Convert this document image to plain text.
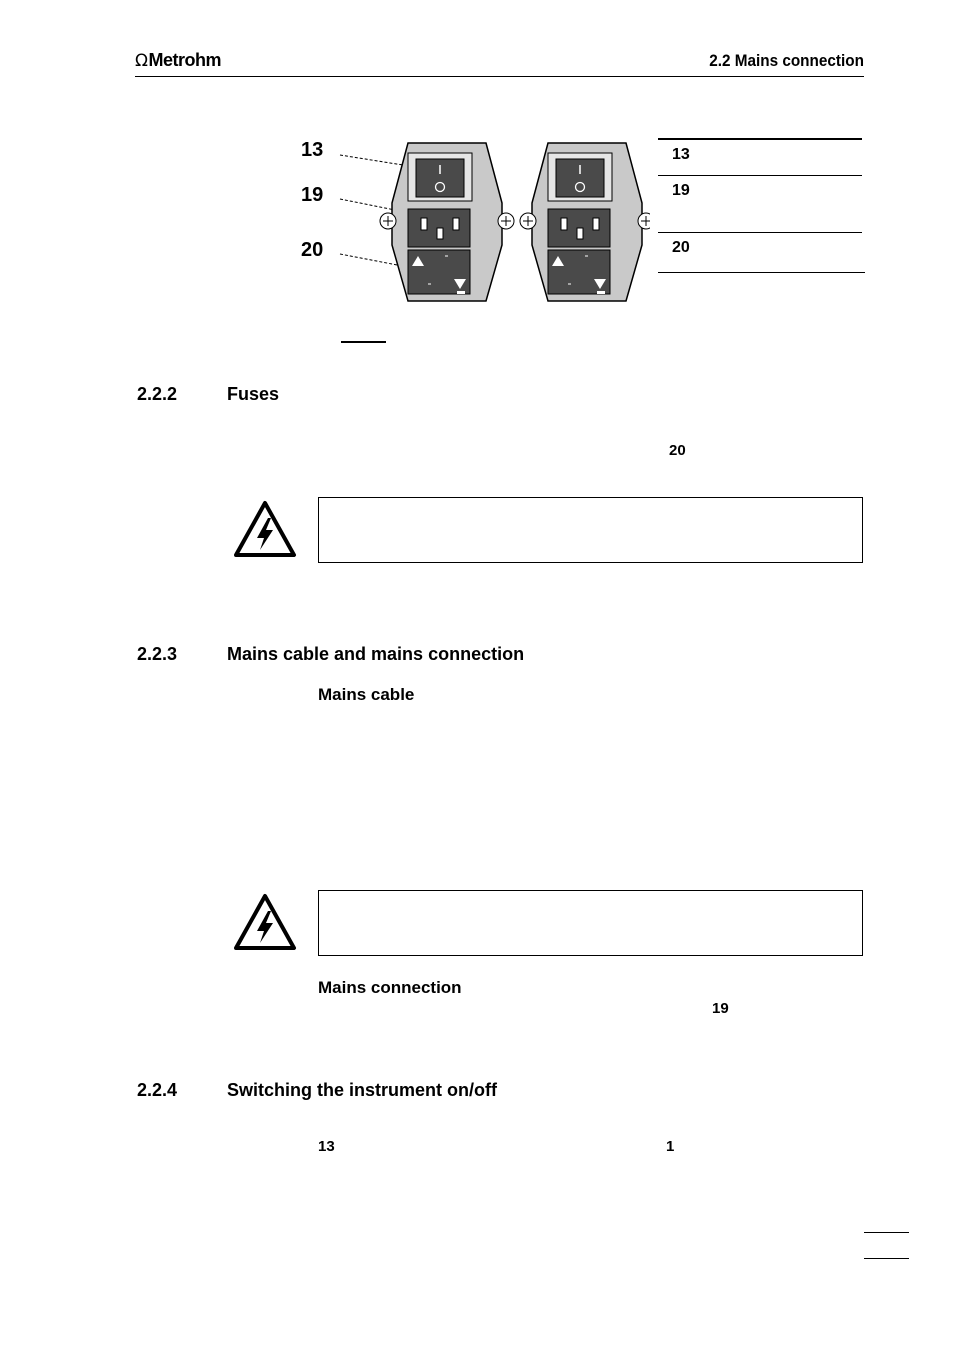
Ω Metrohm	2.2 Mains connection
13
19
20
13
19
20
2.2.2	Fuses
20
2.2.3	Mains cable and mains connection
Mains cable
Mains connection
19
2.2.4	Switching the instrument on/off
13	1
